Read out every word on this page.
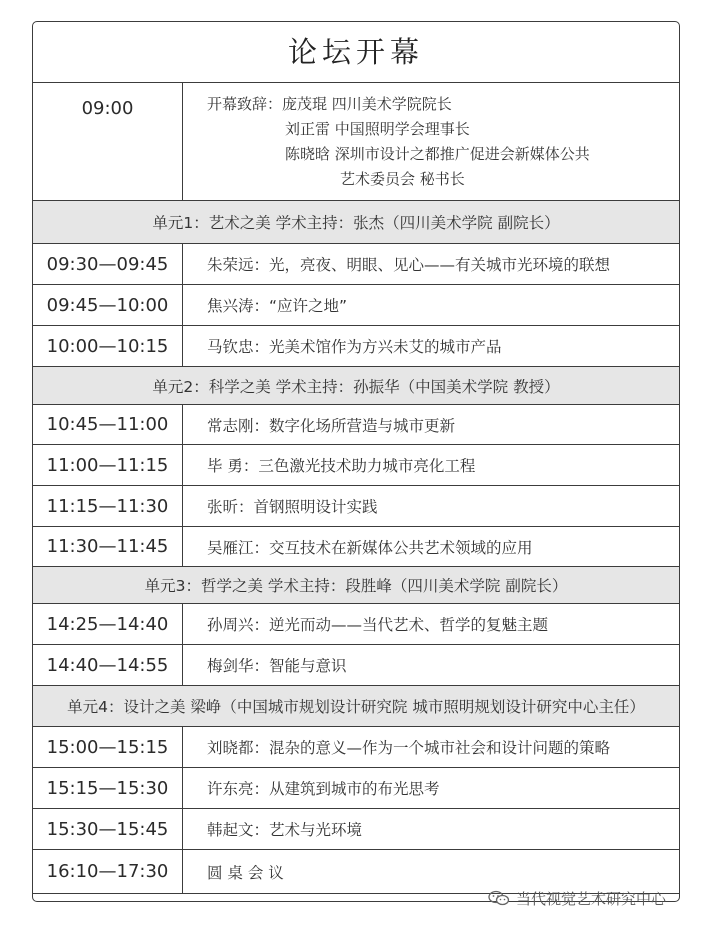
论坛开幕
09:00	开幕致辞：庞茂琨 四川美术学院院长
刘正雷 中国照明学会理事长
陈晓晗 深圳市设计之都推广促进会新媒体公共
艺术委员会 秘书长
单元1：艺术之美 学术主持：张杰（四川美术学院 副院长）
09:30—09:45	朱荣远：光，亮夜、明眼、见心——有关城市光环境的联想
09:45—10:00	焦兴涛：“应许之地”
10:00—10:15	马钦忠：光美术馆作为方兴未艾的城市产品
单元2：科学之美 学术主持：孙振华（中国美术学院 教授）
10:45—11:00	常志刚：数字化场所营造与城市更新
11:00—11:15	毕 勇：三色激光技术助力城市亮化工程
11:15—11:30	张昕：首钢照明设计实践
11:30—11:45	吴雁江：交互技术在新媒体公共艺术领域的应用
单元3：哲学之美 学术主持：段胜峰（四川美术学院 副院长）
14:25—14:40	孙周兴：逆光而动——当代艺术、哲学的复魅主题
14:40—14:55	梅剑华：智能与意识
单元4：设计之美 梁峥（中国城市规划设计研究院 城市照明规划设计研究中心主任）
15:00—15:15	刘晓都：混杂的意义—作为一个城市社会和设计问题的策略
15:15—15:30	许东亮：从建筑到城市的布光思考
15:30—15:45	韩起文：艺术与光环境
16:10—17:30	圆 桌 会 议
当代视觉艺术研究中心
